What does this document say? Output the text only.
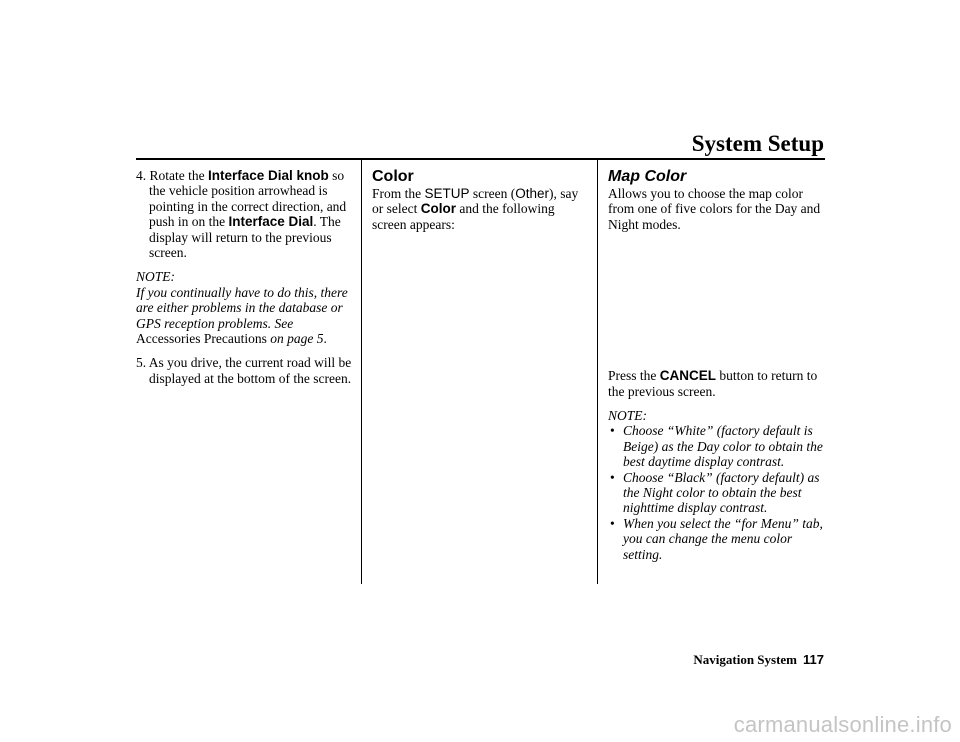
System Setup

4. Rotate the Interface Dial knob so the vehicle position arrowhead is pointing in the correct direction, and push in on the Interface Dial. The display will return to the previous screen.

NOTE:

If you continually have to do this, there are either problems in the database or GPS reception problems. See Accessories Precautions on page 5.

5. As you drive, the current road will be displayed at the bottom of the screen.

Color

From the SETUP screen (Other), say or select Color and the following screen appears:

Map Color

Allows you to choose the map color from one of five colors for the Day and Night modes.

Press the CANCEL button to return to the previous screen.

NOTE:

• Choose “White” (factory default is Beige) as the Day color to obtain the best daytime display contrast.
• Choose “Black” (factory default) as the Night color to obtain the best nighttime display contrast.
• When you select the “for Menu” tab, you can change the menu color setting.
Navigation System 117
carmanualsonline.info
